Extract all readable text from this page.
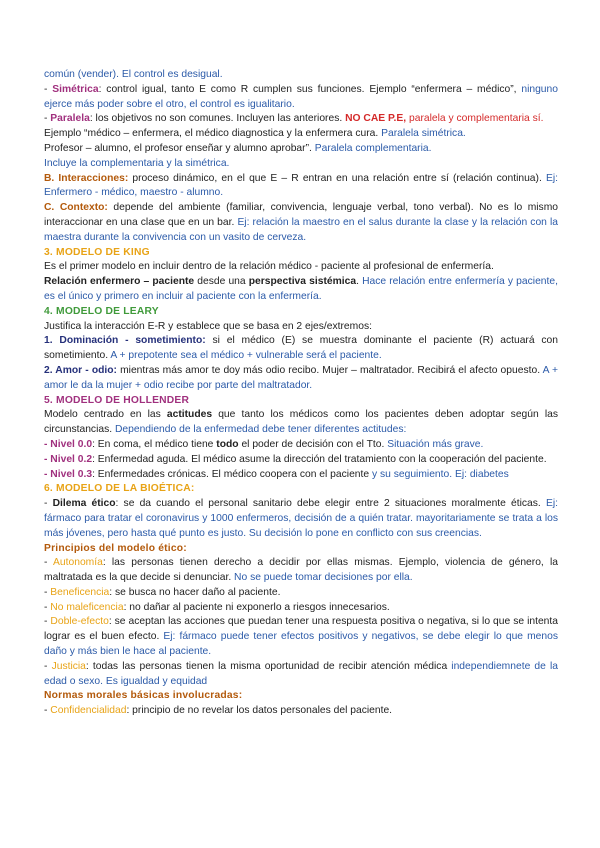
común (vender). El control es desigual.

- Simétrica: control igual, tanto E como R cumplen sus funciones. Ejemplo “enfermera – médico”, ninguno ejerce más poder sobre el otro, el control es igualitario.

- Paralela: los objetivos no son comunes. Incluyen las anteriores. NO CAE P.E, paralela y complementaria sí.

Ejemplo “médico – enfermera, el médico diagnostica y la enfermera cura. Paralela simétrica.

Profesor – alumno, el profesor enseñar y alumno aprobar”. Paralela complementaria.

Incluye la complementaria y la simétrica.

B. Interacciones: proceso dinámico, en el que E – R entran en una relación entre sí (relación continua). Ej: Enfermero - médico, maestro - alumno.

C. Contexto: depende del ambiente (familiar, convivencia, lenguaje verbal, tono verbal). No es lo mismo interaccionar en una clase que en un bar. Ej: relación la maestro en el salus durante la clase y la relación con la maestra durante la convivencia con un vasito de cerveza.

3. MODELO DE KING

Es el primer modelo en incluir dentro de la relación médico - paciente al profesional de enfermería.

Relación enfermero – paciente desde una perspectiva sistémica. Hace relación entre enfermería y paciente, es el único y primero en incluir al paciente con la enfermería.

4. MODELO DE LEARY

Justifica la interacción E-R y establece que se basa en 2 ejes/extremos:

1. Dominación - sometimiento: si el médico (E) se muestra dominante el paciente (R) actuará con sometimiento. A + prepotente sea el médico + vulnerable será el paciente.

2. Amor - odio: mientras más amor te doy más odio recibo. Mujer – maltratador. Recibirá el afecto opuesto. A + amor le da la mujer + odio recibe por parte del maltratador.

5. MODELO DE HOLLENDER

Modelo centrado en las actitudes que tanto los médicos como los pacientes deben adoptar según las circunstancias. Dependiendo de la enfermedad debe tener diferentes actitudes:

- Nivel 0.0: En coma, el médico tiene todo el poder de decisión con el Tto. Situación más grave.

- Nivel 0.2: Enfermedad aguda. El médico asume la dirección del tratamiento con la cooperación del paciente.

- Nivel 0.3: Enfermedades crónicas. El médico coopera con el paciente y su seguimiento. Ej: diabetes

6. MODELO DE LA BIOÉTICA:

- Dilema ético: se da cuando el personal sanitario debe elegir entre 2 situaciones moralmente éticas. Ej: fármaco para tratar el coronavirus y 1000 enfermeros, decisión de a quién tratar. mayoritariamente se trata a los más jóvenes, pero hasta qué punto es justo. Su decisión lo pone en conflicto con sus creencias.

Principios del modelo ético:

- Autonomía: las personas tienen derecho a decidir por ellas mismas. Ejemplo, violencia de género, la maltratada es la que decide si denunciar. No se puede tomar decisiones por ella.

- Beneficencia: se busca no hacer daño al paciente.

- No maleficencia: no dañar al paciente ni exponerlo a riesgos innecesarios.

- Doble-efecto: se aceptan las acciones que puedan tener una respuesta positiva o negativa, si lo que se intenta lograr es el buen efecto. Ej: fármaco puede tener efectos positivos y negativos, se debe elegir lo que menos daño y más bien le hace al paciente.

- Justicia: todas las personas tienen la misma oportunidad de recibir atención médica independiemnete de la edad o sexo. Es igualdad y equidad

Normas morales básicas involucradas:

- Confidencialidad: principio de no revelar los datos personales del paciente.
